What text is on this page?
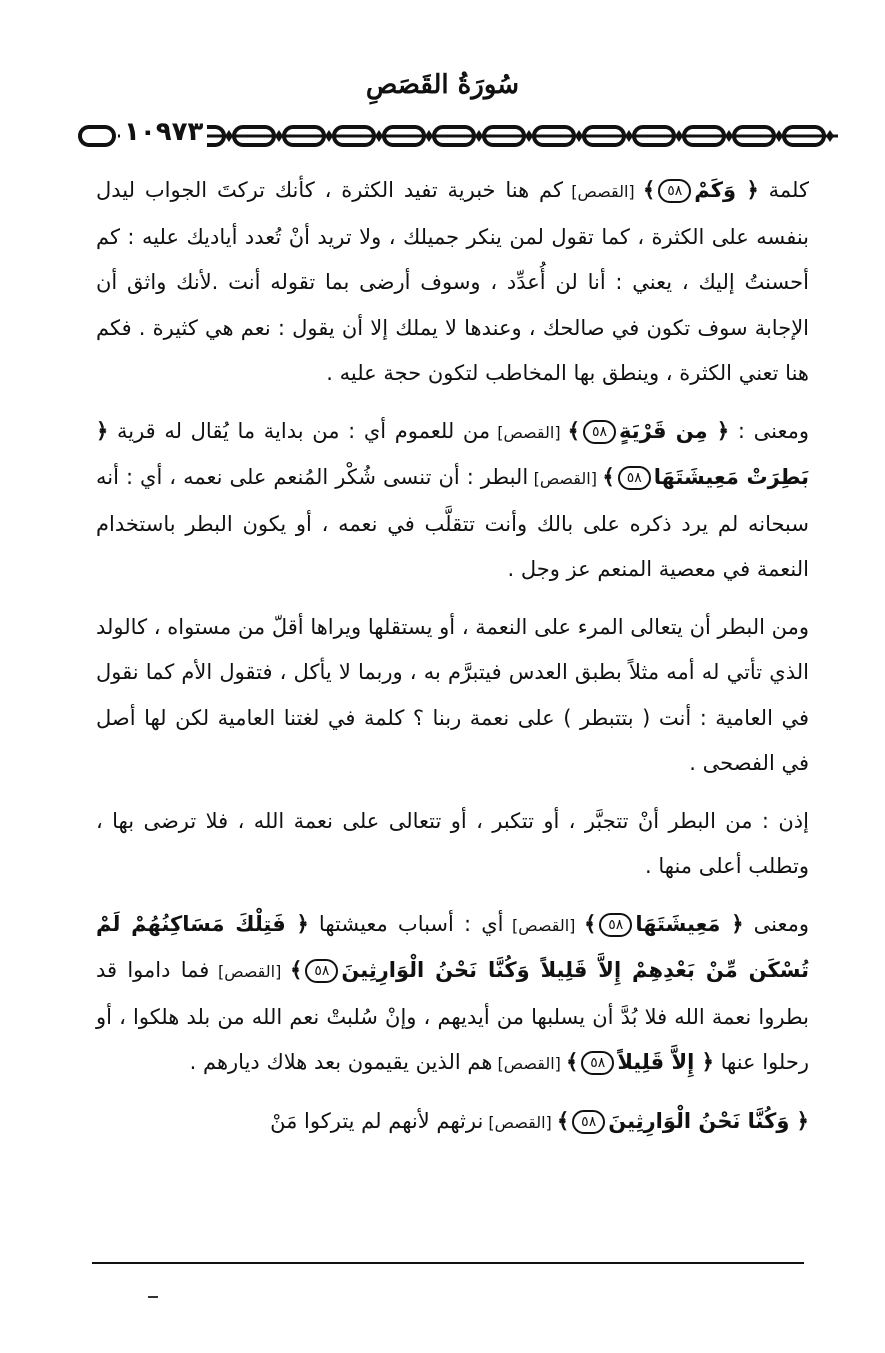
سُورَةُ القَصَصِ
١٠٩٧٣

كلمة ﴿ وَكَمْ٥٨﴾ [القصص] كم هنا خبرية تفيد الكثرة ، كأنك تركتَ الجواب ليدل بنفسه على الكثرة ، كما تقول لمن ينكر جميلك ، ولا تريد أنْ تُعدد أياديك عليه : كم أحسنتُ إليك ، يعني : أنا لن أُعدِّد ، وسوف أرضى بما تقوله أنت .لأنك واثق أن الإجابة سوف تكون في صالحك ، وعندها لا يملك إلا أن يقول : نعم هي كثيرة . فكم هنا تعني الكثرة ، وينطق بها المخاطب لتكون حجة عليه .

ومعنى : ﴿ مِن قَرْيَةٍ٥٨﴾ [القصص] من للعموم أي : من بداية ما يُقال له قرية ﴿ بَطِرَتْ مَعِيشَتَهَا٥٨﴾ [القصص] البطر : أن تنسى شُكْر المُنعم على نعمه ، أي : أنه سبحانه لم يرد ذكره على بالك وأنت تتقلَّب في نعمه ، أو يكون البطر باستخدام النعمة في معصية المنعم عز وجل .

ومن البطر أن يتعالى المرء على النعمة ، أو يستقلها ويراها أقلّ من مستواه ، كالولد الذي تأتي له أمه مثلاً بطبق العدس فيتبرَّم به ، وربما لا يأكل ، فتقول الأم كما نقول في العامية : أنت ( بتتبطر ) على نعمة ربنا ؟ كلمة في لغتنا العامية لكن لها أصل في الفصحى .

إذن : من البطر أنْ تتجبَّر ، أو تتكبر ، أو تتعالى على نعمة الله ، فلا ترضى بها ، وتطلب أعلى منها .

ومعنى ﴿ مَعِيشَتَهَا٥٨﴾ [القصص] أي : أسباب معيشتها ﴿ فَتِلْكَ مَسَاكِنُهُمْ لَمْ تُسْكَن مِّنْ بَعْدِهِمْ إِلاَّ قَلِيلاً وَكُنَّا نَحْنُ الْوَارِثِينَ٥٨﴾ [القصص] فما داموا قد بطروا نعمة الله فلا بُدَّ أن يسلبها من أيديهم ، وإنْ سُلبتْ نعم الله من بلد هلكوا ، أو رحلوا عنها ﴿ إِلاَّ قَلِيلاً٥٨﴾ [القصص] هم الذين يقيمون بعد هلاك ديارهم .

﴿ وَكُنَّا نَحْنُ الْوَارِثِينَ٥٨﴾ [القصص] نرثهم لأنهم لم يتركوا مَنْ
